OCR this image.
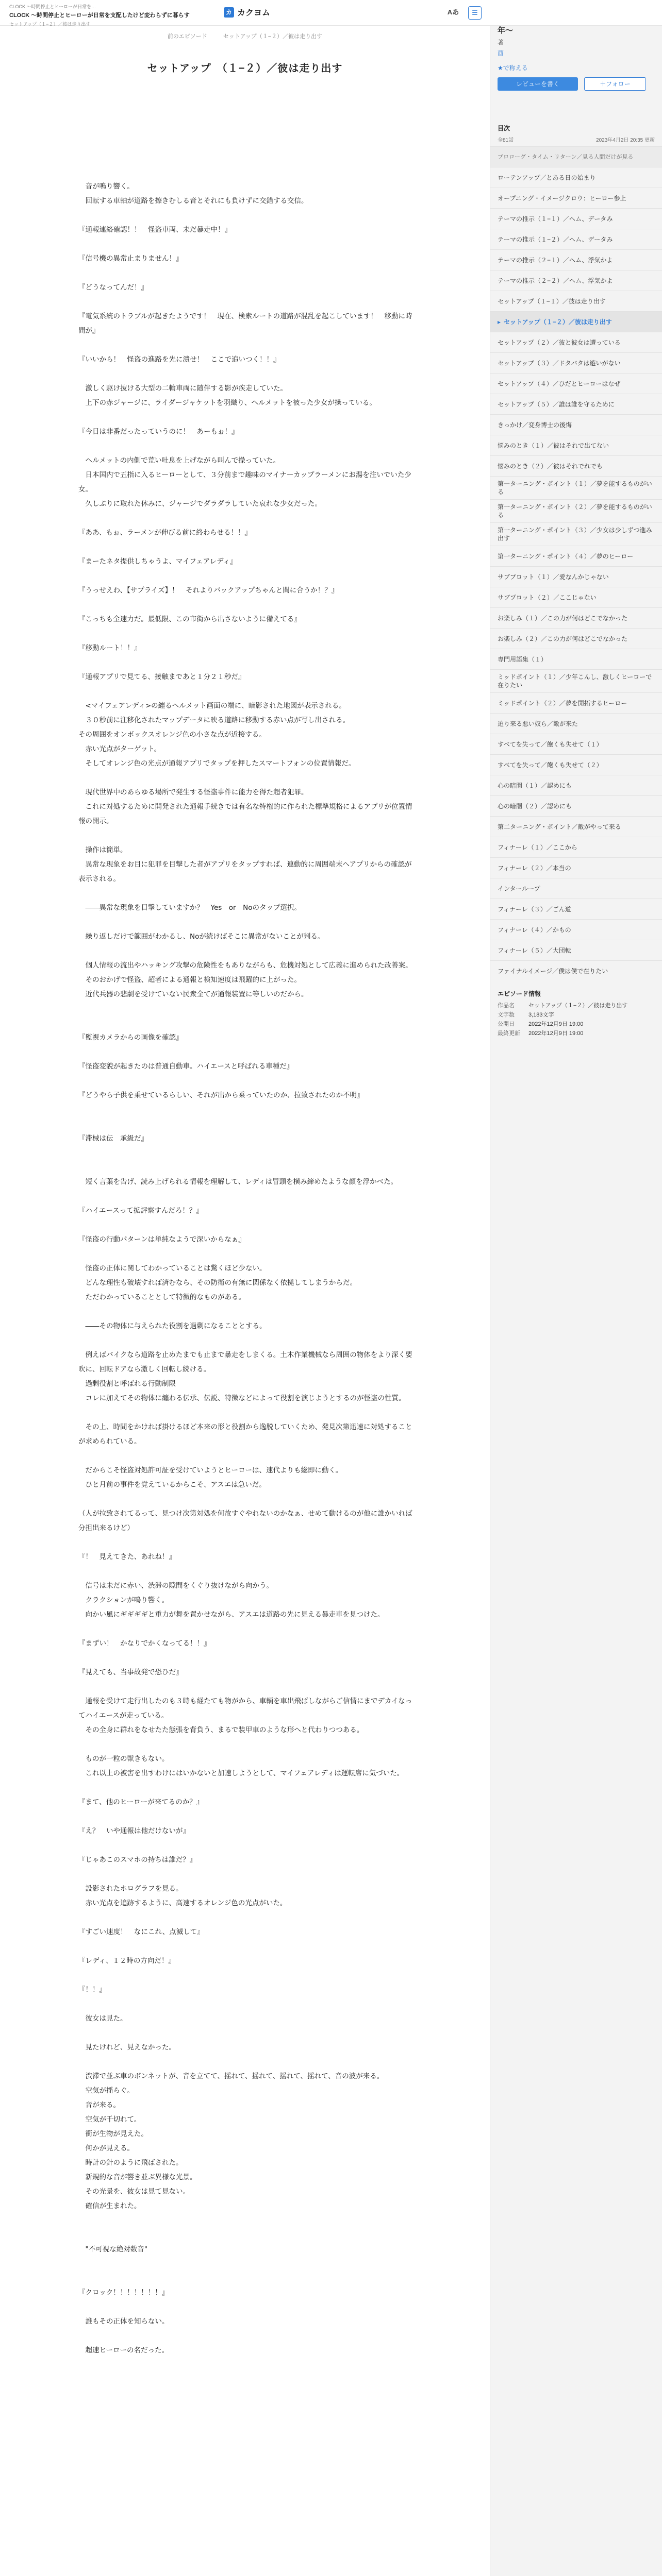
CLOCK 〜時間停止とヒーローが日常を…
CLOCK 〜時間停止とヒーローが日常を支配したけど変わらずに暮らす
セットアップ（１−２）／彼は走り出す
カ カクヨム	Aあ	☰
前のエピソード	セットアップ（１−２）／彼は走り出す
セットアップ　（１−２）／彼は走り出す

　音が鳴り響く。

　回転する車軸が道路を擦きむしる音とそれにも負けずに交錯する交信。

『通報連絡確認！！　怪盗車両、未だ暴走中！』

『信号機の異常止まりません！』

『どうなってんだ！』

『電気系統のトラブルが起きたようです！　現在、検索ルートの道路が混乱を起こしています！　移動に時間が』

『いいから！　怪盗の進路を先に潰せ！　ここで追いつく！！』

　激しく駆け抜ける大型の二輪車両に随伴する影が疾走していた。

　上下の赤ジャージに、ライダージャケットを羽織り、ヘルメットを被った少女が操っている。

『今日は非番だったっていうのに！　あーもぉ！』

　ヘルメットの内側で荒い吐息を上げながら叫んで操っていた。

　日本国内で五指に入るヒーローとして、３分前まで趣味のマイナーカップラーメンにお湯を注いでいた少女。

　久しぶりに取れた休みに、ジャージでダラダラしていた哀れな少女だった。

『ああ、もぉ、ラーメンが伸びる前に終わらせる！！』

『まーたネタ提供しちゃうよ、マイフェアレディ』

『うっせえわ、【サプライズ】！　それよりバックアップちゃんと間に合うか！？』

『こっちも全速力だ。最低限、この市街から出さないように備えてる』

『移動ルート！！』

『通報アプリで見てる、接触まであと１分２１秒だ』

　<マイフェアレディ>の纏るヘルメット画面の端に、暗影された地図が表示される。

　３０秒前に注移化されたマップデータに映る道路に移動する赤い点が写し出される。

その周囲をオンボックスオレンジ色の小さな点が近接する。

　赤い光点がターゲット。

　そしてオレンジ色の光点が通報アプリでタップを押したスマートフォンの位置情報だ。

　現代世界中のあらゆる場所で発生する怪盗事件に能力を得た超者犯罪。

　これに対処するために開発された通報手続きでは有名な特権的に作られた標準規格によるアプリが位置情報の開示。

　操作は簡単。

　異常な現象をお目に犯罪を目撃した者がアプリをタップすれば、連動的に周囲端末へアプリからの確認が表示される。

　――異常な現象を目撃していますか？　Yes　or　Noのタップ選択。

　繰り返しだけで範囲がわかるし、Noが続けばそこに異常がないことが判る。

　個人情報の流出やハッキング攻撃の危険性をもありながらも、危機対処として広義に進められた改善案。

　そのおかげで怪盗、超者による通報と検知速度は飛躍的に上がった。

　近代兵器の悲劇を受けていない民衆全てが通報装置に等しいのだから。

『監視カメラからの画像を確認』

『怪盗変貌が起きたのは普通自動車。ハイエースと呼ばれる車種だ』

『どうやら子供を乗せているらしい、それが出から乗っていたのか、拉致されたのか不明』

『滞械は伝　承級だ』

　短く言葉を告げ、読み上げられる情報を理解して、レディは冒頭を横み締めたような顔を浮かべた。

『ハイエースって拡評察すんだろ！？』

『怪盗の行動パターンは単純なようで深いからなぁ』

　怪盗の正体に関してわかっていることは驚くほど少ない。

　どんな理性も破壊すれば済むなら、その防衛の有無に関係なく依拠してしまうからだ。

　ただわかっていることとして特徴的なものがある。

　――その物体に与えられた役割を過剰になることとする。

　例えばバイクなら道路を止めたまでも止まで暴走をしまくる。土木作業機械なら周囲の物体をより深く要吹に、回転ドアなら激しく回転し続ける。

　過剰役割と呼ばれる行動制限

　コレに加えてその物体に纏わる伝承、伝説、特徴などによって役割を演じようとするのが怪盗の性質。

　その上、時間をかければ掛けるほど本来の形と役割から逸脱していくため、発見次第迅速に対処することが求められている。

　だからこそ怪盗対処許可証を受けていようとヒーローは、速代よりも総即に動く。

　ひと月前の事件を覚えているからこそ、アスエは急いだ。

（人が拉致されてるって、見つけ次第対処を何故すぐやれないのかなぁ、せめて動けるのが他に誰かいれば分担出来るけど）

『！　見えてきた、あれね！』

　信号は未だに赤い、渋滞の隙間をくぐり抜けながら向かう。

　クラクションが鳴り響く。

　向かい風にギギギギと重力が舞を置かせながら、アスエは道路の先に見える暴走車を見つけた。

『まずい！　かなりでかくなってる！！』

『見えても、当事故発で恐ひだ』

　通報を受けて走行出したのも３時も経たても物がから、車輌を車出飛ばしながらご信情にまでデカイなってハイエースが走っている。

　その全身に群れをなせたた態張を背負う、まるで装甲車のような形へと代わりつつある。

　ものが一粒の獣きもない。

　これ以上の被害を出すわけにはいかないと加速しようとして、マイフェアレディは運転席に気づいた。

『まて、他のヒーローが来てるのか？』

『え？　いや通報は他だけないが』

『じゃあこのスマホの持ちは誰だ？』

　設影されたホログラフを見る。

　赤い光点を追跡するように、高速するオレンジ色の光点がいた。

『すごい速度！　なにこれ、点滅して』

『レディ、１２時の方向だ！』

『！！』

　彼女は見た。

　見たけれど、見えなかった。

　渋滞で並ぶ車のボンネットが、音を立てて、揺れて、揺れて、揺れて、揺れて、音の波が来る。

　空気が揺らぐ。

　音が来る。

　空気が千切れて。

　衝が生物が見えた。

　何かが見える。

　時計の針のように飛ばされた。

　新規的な音が響き並ぶ異様な光景。

　その光景を、彼女は見て見ない。

　確信が生まれた。

　"不可視な絶対数音"

『クロック！！！！！！！』

　誰もその正体を知らない。

　超速ヒーローの名だった。

　年〜
著
酉
★で称える
レビューを書く	＋フォロー
目次
全81話	2023年4月2日 20:35 更新
プロローグ・タイム・リターン／見る人間だけが見る
ローテンアップ／とある日の始まり
オープニング・イメージクロウ：ヒーロー参上
テーマの推示（１−１）／ヘム、データみ
テーマの推示（１−２）／ヘム、データみ
テーマの推示（２−１）／ヘム、浮気かよ
テーマの推示（２−２）／ヘム、浮気かよ
セットアップ（１−１）／彼は走り出す
▸ セットアップ（１−２）／彼は走り出す
セットアップ（２）／彼と彼女は遭っている
セットアップ（３）／ドタバタは遊いがない
セットアップ（４）／ひだとヒーローはなぜ
セットアップ（５）／誰は誰を守るために
きっかけ／変身博士の後悔
悩みのとき（１）／彼はそれで出てない
悩みのとき（２）／彼はそれでれでも
第一ターニング・ポイント（１）／夢を能するものがいる
第一ターニング・ポイント（２）／夢を能するものがいる
第一ターニング・ポイント（３）／少女は少しずつ進み出す
第一ターニング・ポイント（４）／夢のヒーロー
サブプロット（１）／愛なんかじゃない
サブプロット（２）／ここじゃない
お楽しみ（１）／この力が何はどこでなかった
お楽しみ（２）／この力が何はどこでなかった
専門用語集（１）
ミッドポイント（１）／少年こんし、激しくヒーローで在りたい
ミッドポイント（２）／夢を開拓するヒーロー
迫り来る悪い奴ら／敵が来た
すべてを失って／飽くも失せて（１）
すべてを失って／飽くも失せて（２）
心の暗闇（１）／認めにも
心の暗闇（２）／認めにも
第二ターニング・ポイント／敵がやって来る
フィナーレ（１）／ここから
フィナーレ（２）／本当の
インターループ
フィナーレ（３）／ごん道
フィナーレ（４）／かもの
フィナーレ（５）／大団転
ファイナルイメージ／僕は僕で在りたい
エピソード情報
作品名	セットアップ（１−２）／彼は走り出す
文字数	3,183文字
公開日	2022年12月9日 19:00
最終更新	2022年12月9日 19:00
